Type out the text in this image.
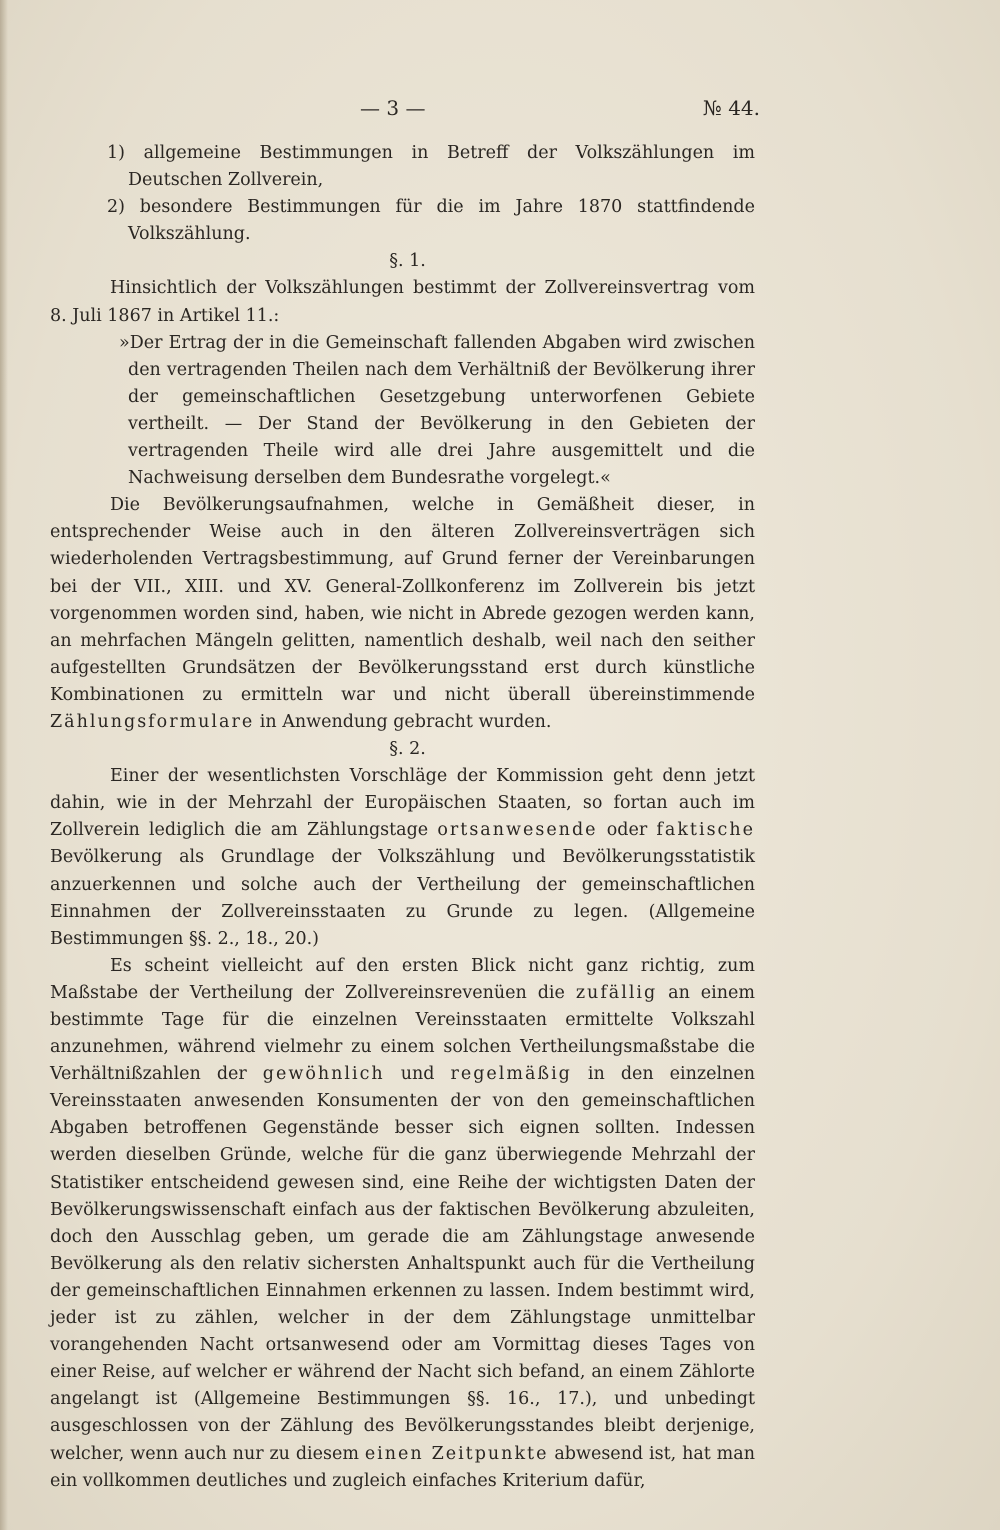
— 3 —	№ 44.

1) allgemeine Bestimmungen in Betreff der Volkszählungen im Deutschen Zollverein,

2) besondere Bestimmungen für die im Jahre 1870 stattfindende Volkszählung.

§. 1.

Hinsichtlich der Volkszählungen bestimmt der Zollvereinsvertrag vom 8. Juli 1867 in Artikel 11.:

»Der Ertrag der in die Gemeinschaft fallenden Abgaben wird zwischen den vertragenden Theilen nach dem Verhältniß der Bevölkerung ihrer der gemeinschaftlichen Gesetzgebung unterworfenen Gebiete vertheilt. — Der Stand der Bevölkerung in den Gebieten der vertragenden Theile wird alle drei Jahre ausgemittelt und die Nachweisung derselben dem Bundesrathe vorgelegt.«

Die Bevölkerungsaufnahmen, welche in Gemäßheit dieser, in entsprechender Weise auch in den älteren Zollvereinsverträgen sich wiederholenden Vertragsbestimmung, auf Grund ferner der Vereinbarungen bei der VII., XIII. und XV. General-Zollkonferenz im Zollverein bis jetzt vorgenommen worden sind, haben, wie nicht in Abrede gezogen werden kann, an mehrfachen Mängeln gelitten, namentlich deshalb, weil nach den seither aufgestellten Grundsätzen der Bevölkerungsstand erst durch künstliche Kombinationen zu ermitteln war und nicht überall übereinstimmende Zählungsformulare in Anwendung gebracht wurden.

§. 2.

Einer der wesentlichsten Vorschläge der Kommission geht denn jetzt dahin, wie in der Mehrzahl der Europäischen Staaten, so fortan auch im Zollverein lediglich die am Zählungstage ortsanwesende oder faktische Bevölkerung als Grundlage der Volkszählung und Bevölkerungsstatistik anzuerkennen und solche auch der Vertheilung der gemeinschaftlichen Einnahmen der Zollvereinsstaaten zu Grunde zu legen. (Allgemeine Bestimmungen §§. 2., 18., 20.)

Es scheint vielleicht auf den ersten Blick nicht ganz richtig, zum Maßstabe der Vertheilung der Zollvereinsrevenüen die zufällig an einem bestimmte Tage für die einzelnen Vereinsstaaten ermittelte Volkszahl anzunehmen, während vielmehr zu einem solchen Vertheilungsmaßstabe die Verhältnißzahlen der gewöhnlich und regelmäßig in den einzelnen Vereinsstaaten anwesenden Konsumenten der von den gemeinschaftlichen Abgaben betroffenen Gegenstände besser sich eignen sollten. Indessen werden dieselben Gründe, welche für die ganz überwiegende Mehrzahl der Statistiker entscheidend gewesen sind, eine Reihe der wichtigsten Daten der Bevölkerungswissenschaft einfach aus der faktischen Bevölkerung abzuleiten, doch den Ausschlag geben, um gerade die am Zählungstage anwesende Bevölkerung als den relativ sichersten Anhaltspunkt auch für die Vertheilung der gemeinschaftlichen Einnahmen erkennen zu lassen. Indem bestimmt wird, jeder ist zu zählen, welcher in der dem Zählungstage unmittelbar vorangehenden Nacht ortsanwesend oder am Vormittag dieses Tages von einer Reise, auf welcher er während der Nacht sich befand, an einem Zählorte angelangt ist (Allgemeine Bestimmungen §§. 16., 17.), und unbedingt ausgeschlossen von der Zählung des Bevölkerungsstandes bleibt derjenige, welcher, wenn auch nur zu diesem einen Zeitpunkte abwesend ist, hat man ein vollkommen deutliches und zugleich einfaches Kriterium dafür,
